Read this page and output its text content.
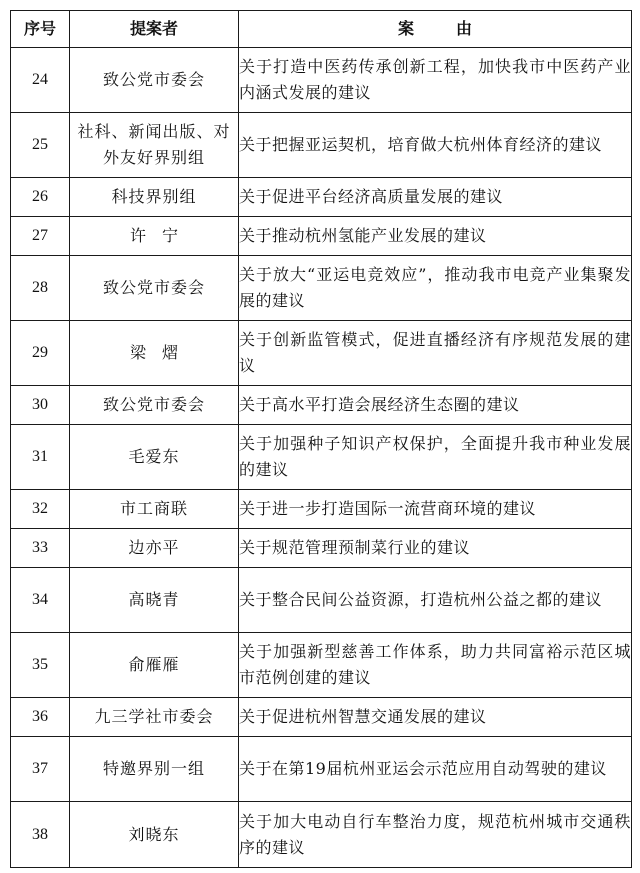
序号	提案者	案由
24	致公党市委会	关于打造中医药传承创新工程，加快我市中医药产业内涵式发展的建议
25	社科、新闻出版、对外友好界别组	关于把握亚运契机，培育做大杭州体育经济的建议
26	科技界别组	关于促进平台经济高质量发展的建议
27	许宁	关于推动杭州氢能产业发展的建议
28	致公党市委会	关于放大“亚运电竞效应”，推动我市电竞产业集聚发展的建议
29	梁熠	关于创新监管模式，促进直播经济有序规范发展的建议
30	致公党市委会	关于高水平打造会展经济生态圈的建议
31	毛爱东	关于加强种子知识产权保护，全面提升我市种业发展的建议
32	市工商联	关于进一步打造国际一流营商环境的建议
33	边亦平	关于规范管理预制菜行业的建议
34	高晓青	关于整合民间公益资源，打造杭州公益之都的建议
35	俞雁雁	关于加强新型慈善工作体系，助力共同富裕示范区城市范例创建的建议
36	九三学社市委会	关于促进杭州智慧交通发展的建议
37	特邀界别一组	关于在第19届杭州亚运会示范应用自动驾驶的建议
38	刘晓东	关于加大电动自行车整治力度，规范杭州城市交通秩序的建议
